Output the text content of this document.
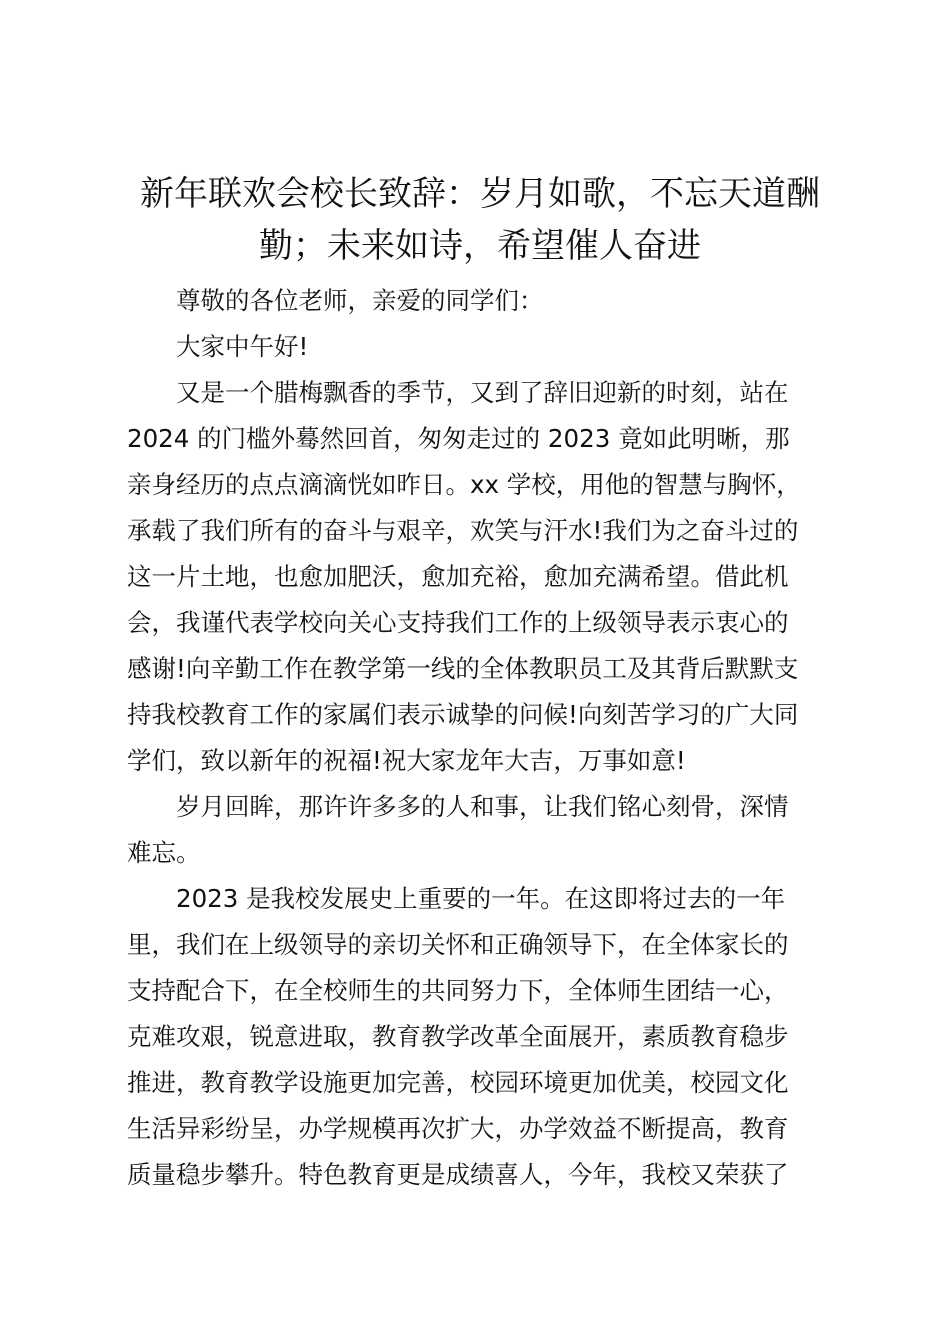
新年联欢会校长致辞：岁月如歌，不忘天道酬
勤；未来如诗，希望催人奋进

尊敬的各位老师，亲爱的同学们：

大家中午好!

又是一个腊梅飘香的季节，又到了辞旧迎新的时刻，站在
2024 的门槛外蓦然回首，匆匆走过的 2023 竟如此明晰，那
亲身经历的点点滴滴恍如昨日。xx 学校，用他的智慧与胸怀，
承载了我们所有的奋斗与艰辛，欢笑与汗水!我们为之奋斗过的
这一片土地，也愈加肥沃，愈加充裕，愈加充满希望。借此机
会，我谨代表学校向关心支持我们工作的上级领导表示衷心的
感谢!向辛勤工作在教学第一线的全体教职员工及其背后默默支
持我校教育工作的家属们表示诚挚的问候!向刻苦学习的广大同
学们，致以新年的祝福!祝大家龙年大吉，万事如意!

岁月回眸，那许许多多的人和事，让我们铭心刻骨，深情
难忘。

2023 是我校发展史上重要的一年。在这即将过去的一年
里，我们在上级领导的亲切关怀和正确领导下，在全体家长的
支持配合下，在全校师生的共同努力下，全体师生团结一心，
克难攻艰，锐意进取，教育教学改革全面展开，素质教育稳步
推进，教育教学设施更加完善，校园环境更加优美，校园文化
生活异彩纷呈，办学规模再次扩大，办学效益不断提高，教育
质量稳步攀升。特色教育更是成绩喜人，今年，我校又荣获了
